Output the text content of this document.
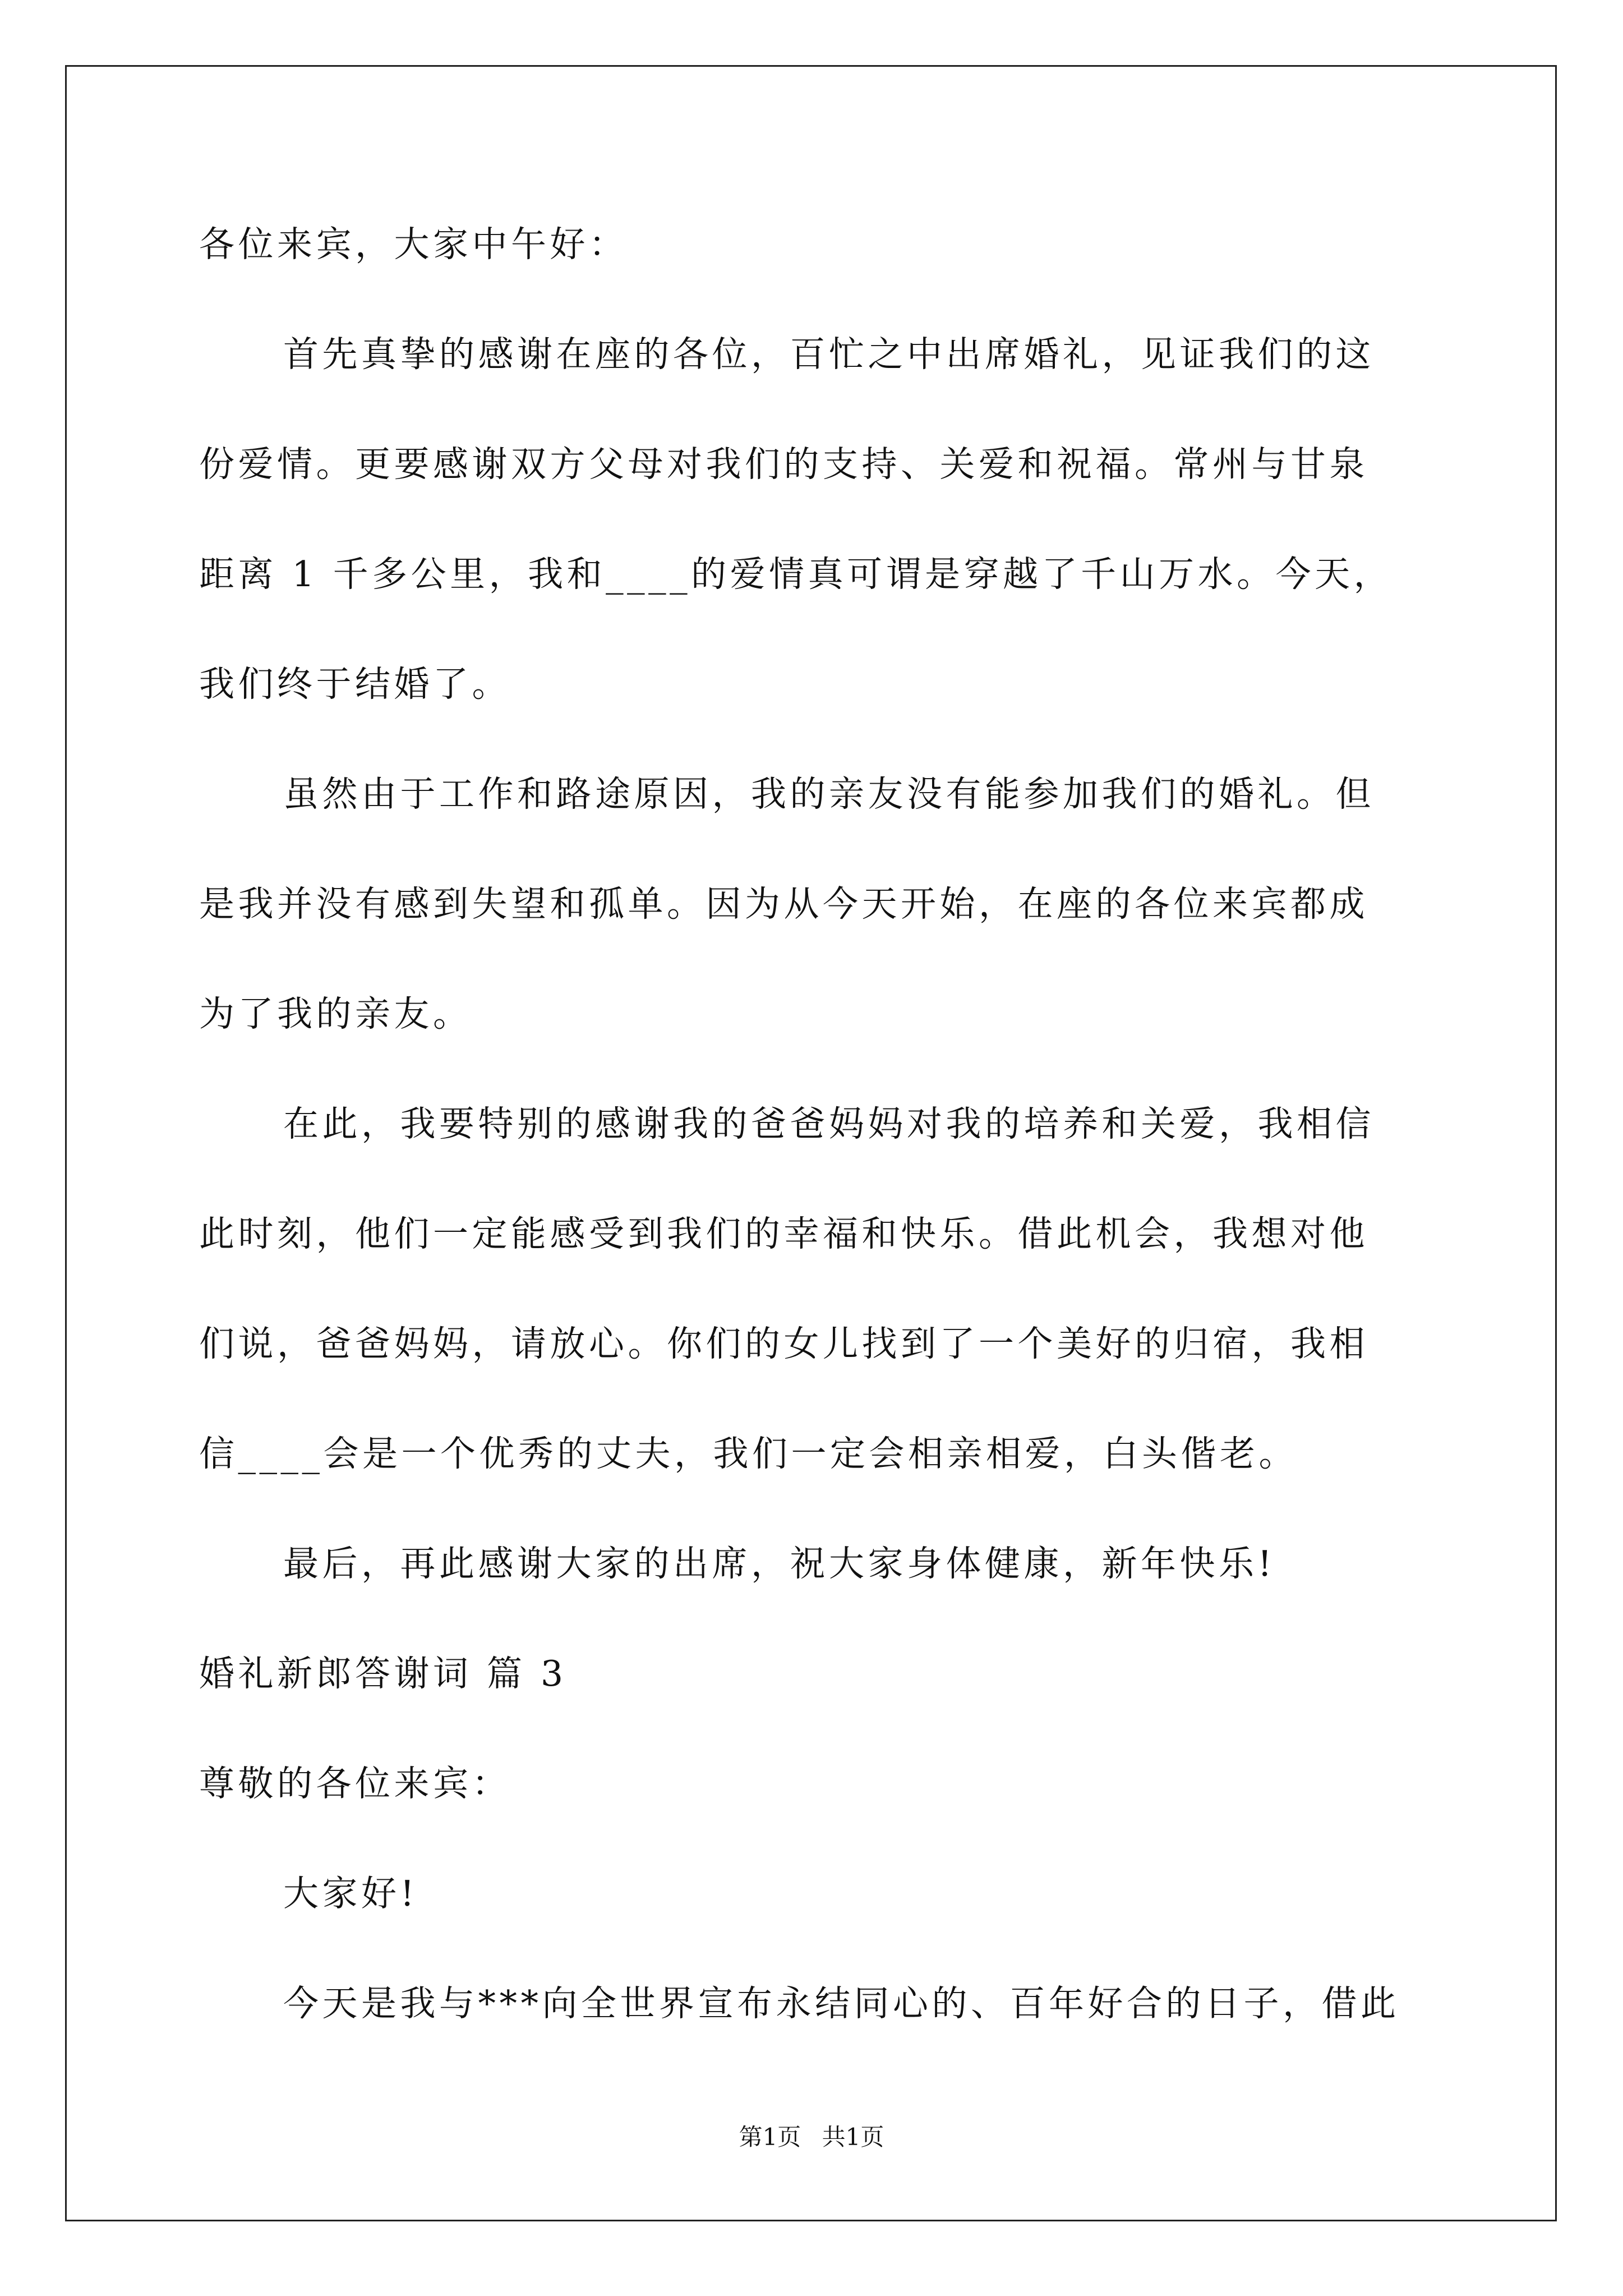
各位来宾，大家中午好：
首先真挚的感谢在座的各位，百忙之中出席婚礼，见证我们的这
份爱情。更要感谢双方父母对我们的支持、关爱和祝福。常州与甘泉
距离 1 千多公里，我和____的爱情真可谓是穿越了千山万水。今天，
我们终于结婚了。
虽然由于工作和路途原因，我的亲友没有能参加我们的婚礼。但
是我并没有感到失望和孤单。因为从今天开始，在座的各位来宾都成
为了我的亲友。
在此，我要特别的感谢我的爸爸妈妈对我的培养和关爱，我相信
此时刻，他们一定能感受到我们的幸福和快乐。借此机会，我想对他
们说，爸爸妈妈，请放心。你们的女儿找到了一个美好的归宿，我相
信____会是一个优秀的丈夫，我们一定会相亲相爱，白头偕老。
最后，再此感谢大家的出席，祝大家身体健康，新年快乐!
婚礼新郎答谢词 篇 3
尊敬的各位来宾：
大家好!
今天是我与***向全世界宣布永结同心的、百年好合的日子，借此
第1页 共1页
